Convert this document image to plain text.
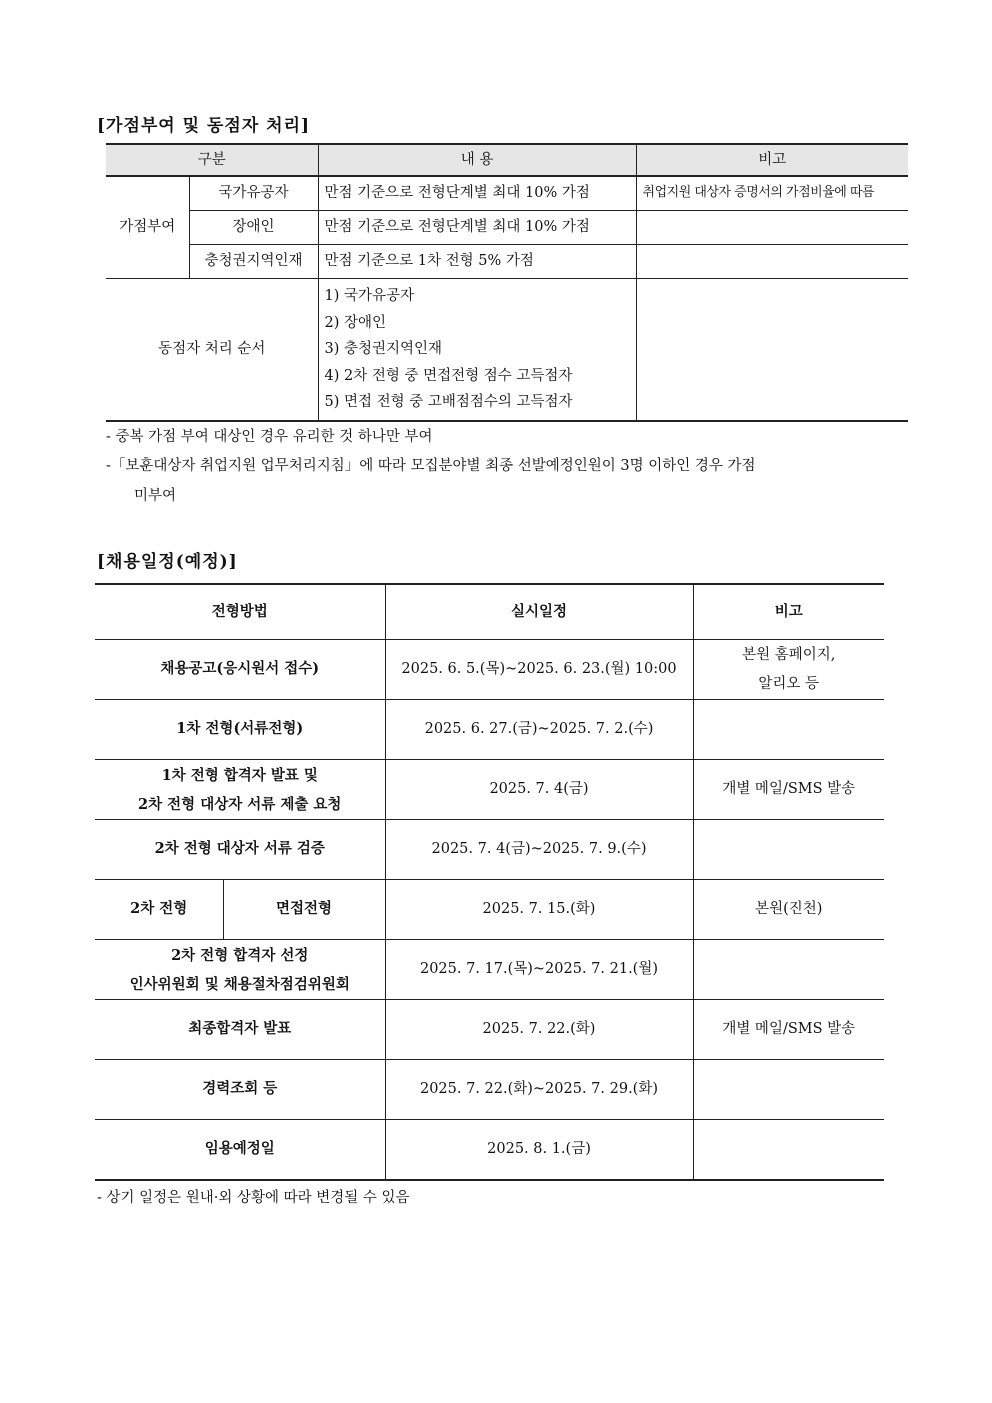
[가점부여 및 동점자 처리]
구분		내 용	비고
가점부여	국가유공자	만점 기준으로 전형단계별 최대 10% 가점	취업지원 대상자 증명서의 가점비율에 따름
	장애인	만점 기준으로 전형단계별 최대 10% 가점	
	충청권지역인재	만점 기준으로 1차 전형 5% 가점	
동점자 처리 순서		1) 국가유공자
2) 장애인
3) 충청권지역인재
4) 2차 전형 중 면접전형 점수 고득점자
5) 면접 전형 중 고배점점수의 고득점자	

- 중복 가점 부여 대상인 경우 유리한 것 하나만 부여
-「보훈대상자 취업지원 업무처리지침」에 따라 모집분야별 최종 선발예정인원이 3명 이하인 경우 가점
미부여
[채용일정(예정)]
전형방법		실시일정	비고
채용공고(응시원서 접수)		2025. 6. 5.(목)~2025. 6. 23.(월) 10:00	본원 홈페이지,
알리오 등

1차 전형(서류전형)		2025. 6. 27.(금)~2025. 7. 2.(수)	

1차 전형 합격자 발표 및
2차 전형 대상자 서류 제출 요청		2025. 7. 4(금)	개별 메일/SMS 발송
2차 전형 대상자 서류 검증		2025. 7. 4(금)~2025. 7. 9.(수)	
2차 전형	면접전형	2025. 7. 15.(화)	본원(진천)

2차 전형 합격자 선정
인사위원회 및 채용절차점검위원회		2025. 7. 17.(목)~2025. 7. 21.(월)	
최종합격자 발표		2025. 7. 22.(화)	개별 메일/SMS 발송
경력조회 등		2025. 7. 22.(화)~2025. 7. 29.(화)	
임용예정일		2025. 8. 1.(금)	
- 상기 일정은 원내·외 상황에 따라 변경될 수 있음
